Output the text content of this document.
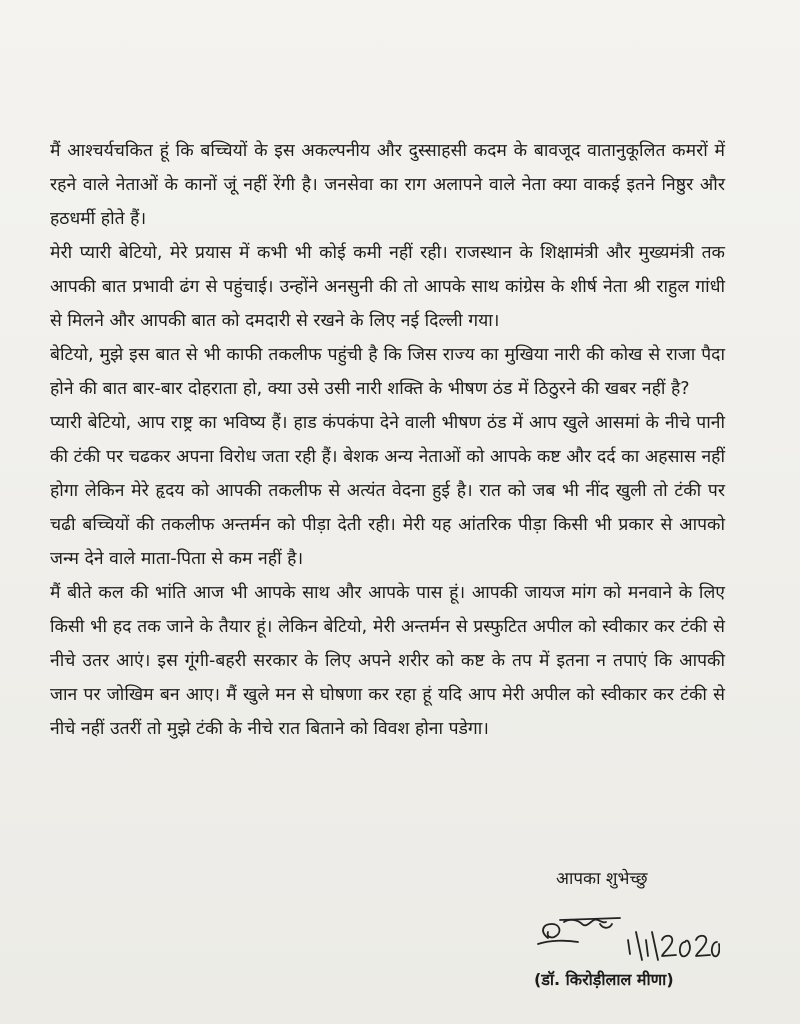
मैं आश्चर्यचकित हूं कि बच्चियों के इस अकल्पनीय और दुस्साहसी कदम के बावजूद वातानुकूलित कमरों में रहने वाले नेताओं के कानों जूं नहीं रेंगी है। जनसेवा का राग अलापने वाले नेता क्या वाकई इतने निष्ठुर और हठधर्मी होते हैं।

मेरी प्यारी बेटियो, मेरे प्रयास में कभी भी कोई कमी नहीं रही। राजस्थान के शिक्षामंत्री और मुख्यमंत्री तक आपकी बात प्रभावी ढंग से पहुंचाई। उन्होंने अनसुनी की तो आपके साथ कांग्रेस के शीर्ष नेता श्री राहुल गांधी से मिलने और आपकी बात को दमदारी से रखने के लिए नई दिल्ली गया।

बेटियो, मुझे इस बात से भी काफी तकलीफ पहुंची है कि जिस राज्य का मुखिया नारी की कोख से राजा पैदा होने की बात बार-बार दोहराता हो, क्या उसे उसी नारी शक्ति के भीषण ठंड में ठिठुरने की खबर नहीं है?

प्यारी बेटियो, आप राष्ट्र का भविष्य हैं। हाड कंपकंपा देने वाली भीषण ठंड में आप खुले आसमां के नीचे पानी की टंकी पर चढकर अपना विरोध जता रही हैं। बेशक अन्य नेताओं को आपके कष्ट और दर्द का अहसास नहीं होगा लेकिन मेरे हृदय को आपकी तकलीफ से अत्यंत वेदना हुई है। रात को जब भी नींद खुली तो टंकी पर चढी बच्चियों की तकलीफ अन्तर्मन को पीड़ा देती रही। मेरी यह आंतरिक पीड़ा किसी भी प्रकार से आपको जन्म देने वाले माता-पिता से कम नहीं है।

मैं बीते कल की भांति आज भी आपके साथ और आपके पास हूं। आपकी जायज मांग को मनवाने के लिए किसी भी हद तक जाने के तैयार हूं। लेकिन बेटियो, मेरी अन्तर्मन से प्रस्फुटित अपील को स्वीकार कर टंकी से नीचे उतर आएं। इस गूंगी-बहरी सरकार के लिए अपने शरीर को कष्ट के तप में इतना न तपाएं कि आपकी जान पर जोखिम बन आए। मैं खुले मन से घोषणा कर रहा हूं यदि आप मेरी अपील को स्वीकार कर टंकी से नीचे नहीं उतरीं तो मुझे टंकी के नीचे रात बिताने को विवश होना पडेगा।

आपका शुभेच्छु
(डॉ. किरोड़ीलाल मीणा)
